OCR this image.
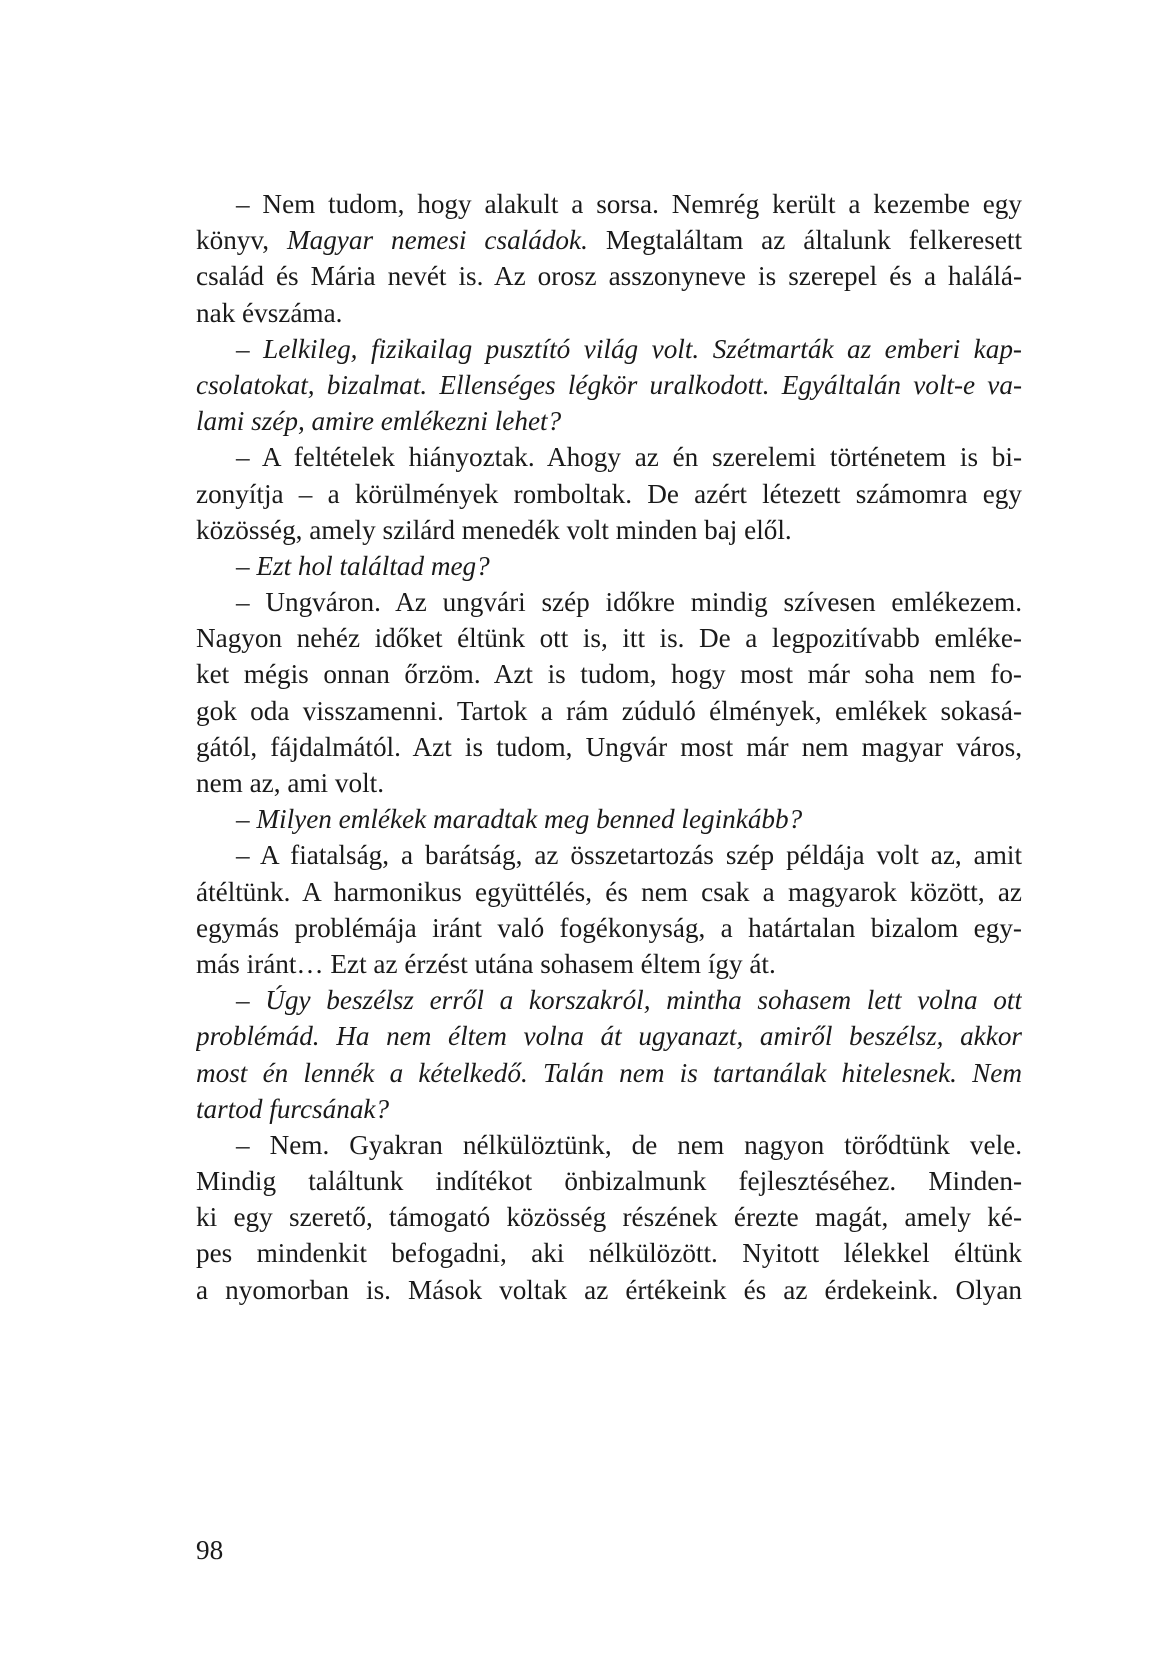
– Nem tudom, hogy alakult a sorsa. Nemrég került a kezembe egy
könyv, Magyar nemesi családok. Megtaláltam az általunk felkeresett
család és Mária nevét is. Az orosz asszonyneve is szerepel és a halálá-
nak évszáma.
– Lelkileg, fizikailag pusztító világ volt. Szétmarták az emberi kap-
csolatokat, bizalmat. Ellenséges légkör uralkodott. Egyáltalán volt-e va-
lami szép, amire emlékezni lehet?
– A feltételek hiányoztak. Ahogy az én szerelemi történetem is bi-
zonyítja – a körülmények romboltak. De azért létezett számomra egy
közösség, amely szilárd menedék volt minden baj elől.
– Ezt hol találtad meg?
– Ungváron. Az ungvári szép időkre mindig szívesen emlékezem.
Nagyon nehéz időket éltünk ott is, itt is. De a legpozitívabb emléke-
ket mégis onnan őrzöm. Azt is tudom, hogy most már soha nem fo-
gok oda visszamenni. Tartok a rám zúduló élmények, emlékek sokasá-
gától, fájdalmától. Azt is tudom, Ungvár most már nem magyar város,
nem az, ami volt.
– Milyen emlékek maradtak meg benned leginkább?
– A fiatalság, a barátság, az összetartozás szép példája volt az, amit
átéltünk. A harmonikus együttélés, és nem csak a magyarok között, az
egymás problémája iránt való fogékonyság, a határtalan bizalom egy-
más iránt… Ezt az érzést utána sohasem éltem így át.
– Úgy beszélsz erről a korszakról, mintha sohasem lett volna ott
problémád. Ha nem éltem volna át ugyanazt, amiről beszélsz, akkor
most én lennék a kételkedő. Talán nem is tartanálak hitelesnek. Nem
tartod furcsának?
– Nem. Gyakran nélkülöztünk, de nem nagyon törődtünk vele.
Mindig találtunk indítékot önbizalmunk fejlesztéséhez. Minden-
ki egy szerető, támogató közösség részének érezte magát, amely ké-
pes mindenkit befogadni, aki nélkülözött. Nyitott lélekkel éltünk
a nyomorban is. Mások voltak az értékeink és az érdekeink. Olyan
98
